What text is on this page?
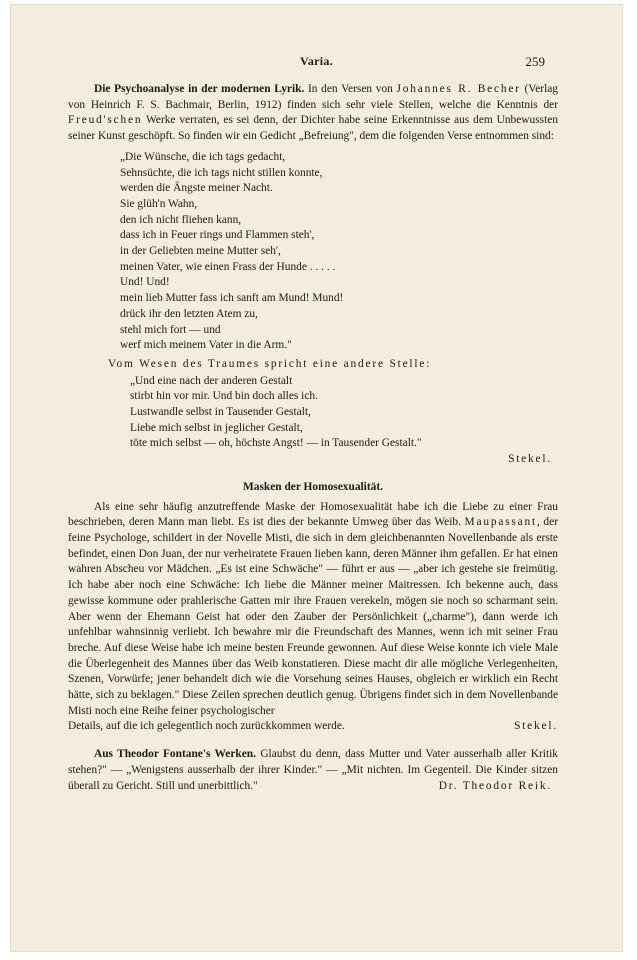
Varia.	259

Die Psychoanalyse in der modernen Lyrik. In den Versen von Johannes R. Becher (Verlag von Heinrich F. S. Bachmair, Berlin, 1912) finden sich sehr viele Stellen, welche die Kenntnis der Freud'schen Werke verraten, es sei denn, der Dichter habe seine Erkenntnisse aus dem Unbewussten seiner Kunst geschöpft. So finden wir ein Gedicht „Befreiung", dem die folgenden Verse entnommen sind:

„Die Wünsche, die ich tags gedacht,
Sehnsüchte, die ich tags nicht stillen konnte,
werden die Ängste meiner Nacht.
Sie glüh'n Wahn,
den ich nicht fliehen kann,
dass ich in Feuer rings und Flammen steh',
in der Geliebten meine Mutter seh',
meinen Vater, wie einen Frass der Hunde . . . . .
Und! Und!
mein lieb Mutter fass ich sanft am Mund! Mund!
drück ihr den letzten Atem zu,
stehl mich fort — und
werf mich meinem Vater in die Arm."
Vom Wesen des Traumes spricht eine andere Stelle:
„Und eine nach der anderen Gestalt
stirbt hin vor mir. Und bin doch alles ich.
Lustwandle selbst in Tausender Gestalt,
Liebe mich selbst in jeglicher Gestalt,
töte mich selbst — oh, höchste Angst! — in Tausender Gestalt."
Stekel.
Masken der Homosexualität.

Als eine sehr häufig anzutreffende Maske der Homosexualität habe ich die Liebe zu einer Frau beschrieben, deren Mann man liebt. Es ist dies der bekannte Umweg über das Weib. Maupassant, der feine Psychologe, schildert in der Novelle Misti, die sich in dem gleichbenannten Novellenbande als erste befindet, einen Don Juan, der nur verheiratete Frauen lieben kann, deren Männer ihm gefallen. Er hat einen wahren Abscheu vor Mädchen. „Es ist eine Schwäche" — führt er aus — „aber ich gestehe sie freimütig. Ich habe aber noch eine Schwäche: Ich liebe die Männer meiner Maitressen. Ich bekenne auch, dass gewisse kommune oder prahlerische Gatten mir ihre Frauen verekeln, mögen sie noch so scharmant sein. Aber wenn der Ehemann Geist hat oder den Zauber der Persönlichkeit („charme"), dann werde ich unfehlbar wahnsinnig verliebt. Ich bewahre mir die Freundschaft des Mannes, wenn ich mit seiner Frau breche. Auf diese Weise habe ich meine besten Freunde gewonnen. Auf diese Weise konnte ich viele Male die Überlegenheit des Mannes über das Weib konstatieren. Diese macht dir alle mögliche Verlegenheiten, Szenen, Vorwürfe; jener behandelt dich wie die Vorsehung seines Hauses, obgleich er wirklich ein Recht hätte, sich zu beklagen." Diese Zeilen sprechen deutlich genug. Übrigens findet sich in dem Novellenbande Misti noch eine Reihe feiner psychologischer

Details, auf die ich gelegentlich noch zurückkommen werde.	Stekel.

Aus Theodor Fontane's Werken. Glaubst du denn, dass Mutter und Vater ausserhalb aller Kritik stehen?" — „Wenigstens ausserhalb der ihrer Kinder." — „Mit nichten. Im Gegenteil. Die Kinder sitzen überall zu Gericht. Still und unerbittlich."	Dr. Theodor Reik.
